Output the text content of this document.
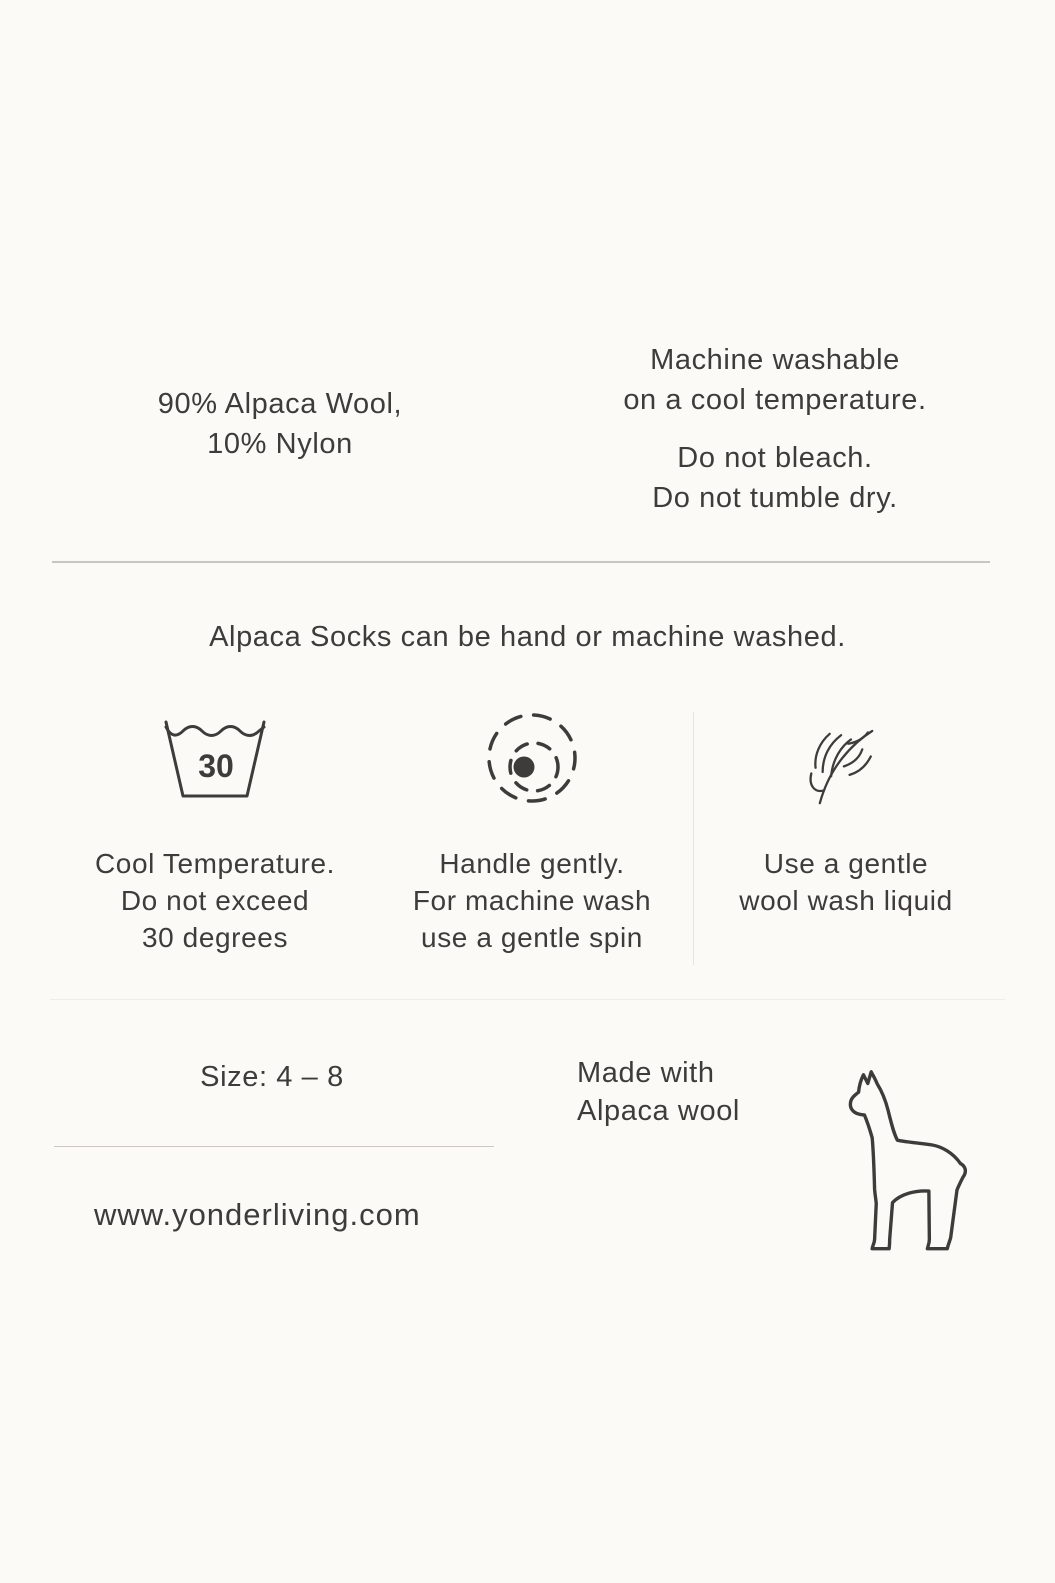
90% Alpaca Wool,
10% Nylon
Machine washable
on a cool temperature.
Do not bleach.
Do not tumble dry.
Alpaca Socks can be hand or machine washed.
30
Cool Temperature.
Do not exceed
30 degrees
Handle gently.
For machine wash
use a gentle spin
Use a gentle
wool wash liquid
Size: 4 – 8	Made with
Alpaca wool
www.yonderliving.com
